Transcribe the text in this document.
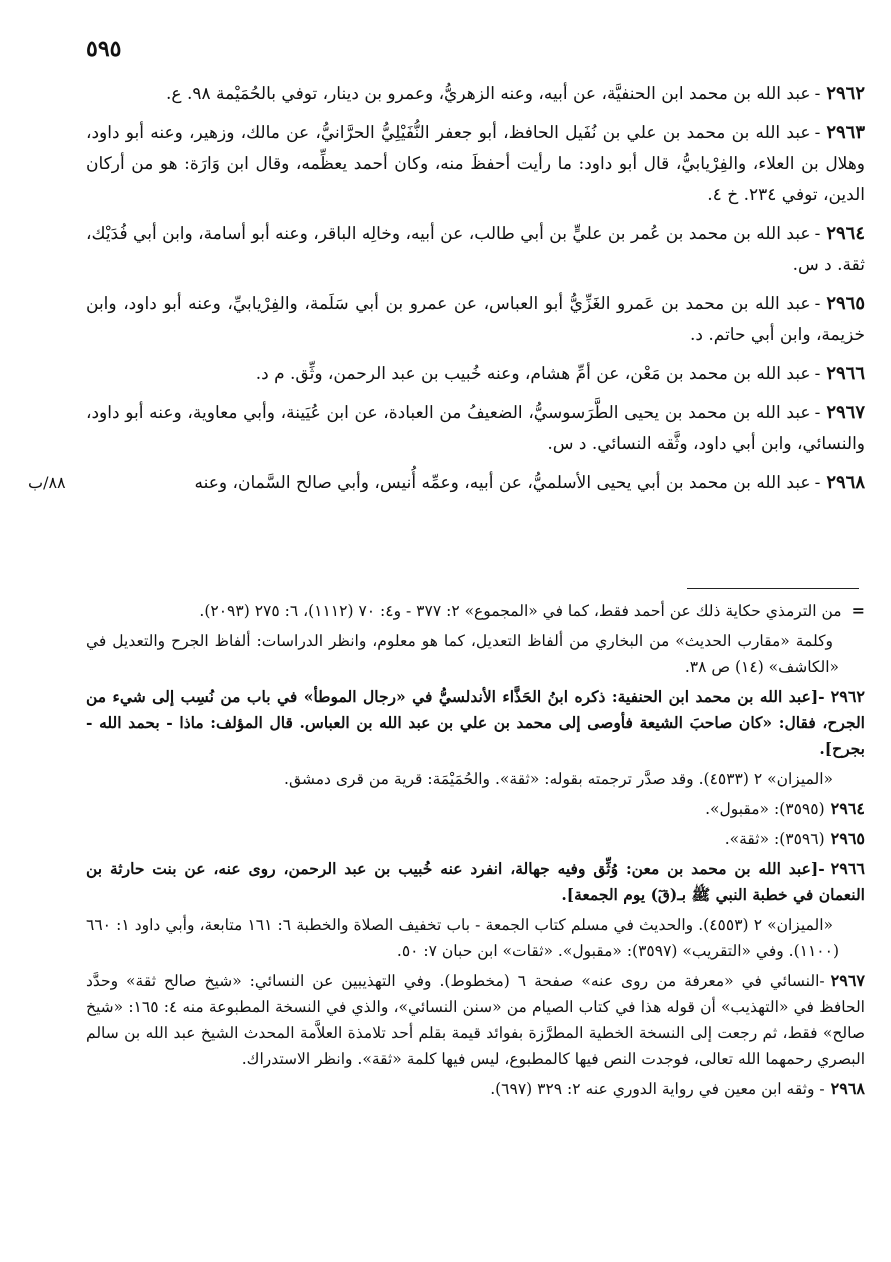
٥٩٥

٢٩٦٢-عبد الله بن محمد ابن الحنفيَّة، عن أبيه، وعنه الزهريُّ، وعمرو بن دينار، توفي بالحُمَيْمة ٩٨. ع.

٢٩٦٣-عبد الله بن محمد بن علي بن نُفَيل الحافظ، أبو جعفر النُّفَيْلِيُّ الحرَّانيُّ، عن مالك، وزهير، وعنه أبو داود، وهلال بن العلاء، والفِرْيابيُّ، قال أبو داود: ما رأيت أحفظَ منه، وكان أحمد يعظِّمه، وقال ابن وَارَة: هو من أركان الدين، توفي ٢٣٤. خ ٤.

٢٩٦٤-عبد الله بن محمد بن عُمر بن عليٍّ بن أبي طالب، عن أبيه، وخالِه الباقر، وعنه أبو أسامة، وابن أبي فُدَيْك، ثقة. د س.

٢٩٦٥-عبد الله بن محمد بن عَمرو الغَزِّيُّ أبو العباس، عن عمرو بن أبي سَلَمة، والفِرْيابيِّ، وعنه أبو داود، وابن خزيمة، وابن أبي حاتم. د.

٢٩٦٦-عبد الله بن محمد بن مَعْن، عن أمِّ هشام، وعنه خُبيب بن عبد الرحمن، وثِّق. م د.

٢٩٦٧-عبد الله بن محمد بن يحيى الطَّرَسوسيُّ، الضعيفُ من العبادة، عن ابن عُيَينة، وأبي معاوية، وعنه أبو داود، والنسائي، وابن أبي داود، وثَّقه النسائي. د س.

٨٨/ب	٢٩٦٨-عبد الله بن محمد بن أبي يحيى الأسلميُّ، عن أبيه، وعمِّه أُنيس، وأبي صالح السَّمان، وعنه

=من الترمذي حكاية ذلك عن أحمد فقط، كما في «المجموع» ٢: ٣٧٧ - و٤: ٧٠ (١١١٢)، ٦: ٢٧٥ (٢٠٩٣).

وكلمة «مقارب الحديث» من البخاري من ألفاظ التعديل، كما هو معلوم، وانظر الدراسات: ألفاظ الجرح والتعديل في «الكاشف» (١٤) ص ٣٨.

٢٩٦٢-[عبد الله بن محمد ابن الحنفية: ذكره ابنُ الحَذَّاء الأندلسيُّ في «رجال الموطأ» في باب من نُسِب إلى شيء من الجرح، فقال: «كان صاحبَ الشيعة فأوصى إلى محمد بن علي بن عبد الله بن العباس. قال المؤلف: ماذا - بحمد الله - بجرح].

«الميزان» ٢ (٤٥٣٣). وقد صدَّر ترجمته بقوله: «ثقة». والحُمَيْمَة: قرية من قرى دمشق.

٢٩٦٤(٣٥٩٥): «مقبول».

٢٩٦٥(٣٥٩٦): «ثقة».

٢٩٦٦-[عبد الله بن محمد بن معن: وُثِّق وفيه جهالة، انفرد عنه خُبيب بن عبد الرحمن، روى عنه، عن بنت حارثة بن النعمان في خطبة النبي ﷺ بـ(قٓ) يوم الجمعة].

«الميزان» ٢ (٤٥٥٣). والحديث في مسلم كتاب الجمعة - باب تخفيف الصلاة والخطبة ٦: ١٦١ متابعة، وأبي داود ١: ٦٦٠ (١١٠٠). وفي «التقريب» (٣٥٩٧): «مقبول». «ثقات» ابن حبان ٧: ٥٠.

٢٩٦٧-النسائي في «معرفة من روى عنه» صفحة ٦ (مخطوط). وفي التهذيبين عن النسائي: «شيخ صالح ثقة» وحدَّد الحافظ في «التهذيب» أن قوله هذا في كتاب الصيام من «سنن النسائي»، والذي في النسخة المطبوعة منه ٤: ١٦٥: «شيخ صالح» فقط، ثم رجعت إلى النسخة الخطية المطرَّزة بفوائد قيمة بقلم أحد تلامذة العلاَّمة المحدث الشيخ عبد الله بن سالم البصري رحمهما الله تعالى، فوجدت النص فيها كالمطبوع، ليس فيها كلمة «ثقة». وانظر الاستدراك.

٢٩٦٨- وثقه ابن معين في رواية الدوري عنه ٢: ٣٢٩ (٦٩٧).
